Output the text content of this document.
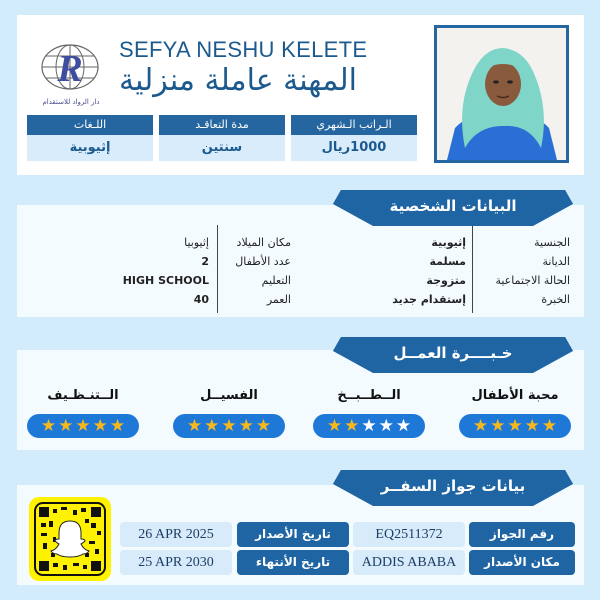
R
دار الرواد للاستقدام
SEFYA NESHU KELETE
المهنة عاملة منزلية
اللـغات
إثيوبية
مدة التعاقـد
سنتين
الـراتب الـشهري
1000ريال
الجنسية
الديانة
الحالة الاجتماعية
الخبرة
إثيوبية
مسلمة
متزوجة
إستقدام جديد
مكان الميلاد
عدد الأطفال
التعليم
العمر
إثيوبيا
2
HIGH SCHOOL
40
البيانات الشخصية
محبة الأطفال
★ ★ ★ ★ ★
الــطــبــخ
★ ★ ★ ★ ★
الفسيــل
★ ★ ★ ★ ★
الــتنـظـيف
★ ★ ★ ★ ★
خـبــــرة العمــل
رقم الجواز
EQ2511372
تاريخ الأصدار
26 APR 2025
مكان الأصدار
ADDIS ABABA
تاريخ الأنتهاء
25 APR 2030
بيانات جواز السفــر
